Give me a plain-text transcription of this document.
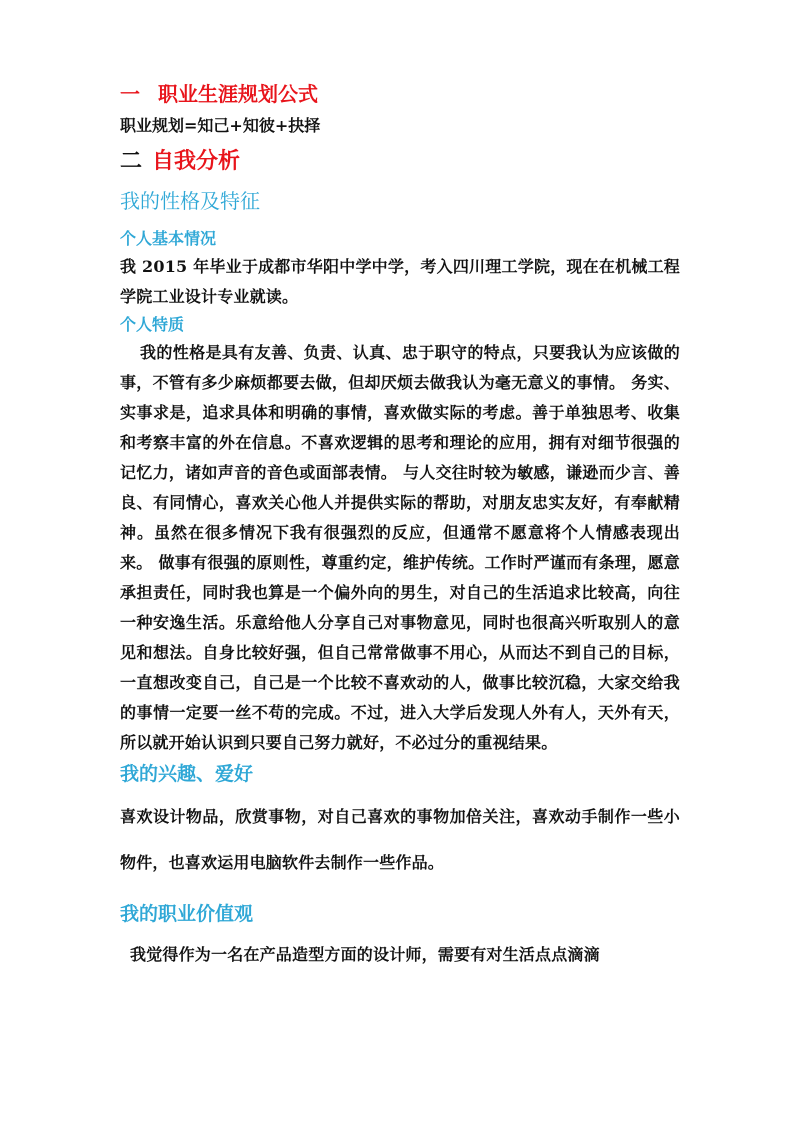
一 职业生涯规划公式

职业规划=知己+知彼+抉择

二 自我分析
我的性格及特征
个人基本情况

我 2015 年毕业于成都市华阳中学中学，考入四川理工学院，现在在机械工程学院工业设计专业就读。

个人特质

我的性格是具有友善、负责、认真、忠于职守的特点，只要我认为应该做的事，不管有多少麻烦都要去做，但却厌烦去做我认为毫无意义的事情。 务实、实事求是，追求具体和明确的事情，喜欢做实际的考虑。善于单独思考、收集和考察丰富的外在信息。不喜欢逻辑的思考和理论的应用，拥有对细节很强的记忆力，诸如声音的音色或面部表情。 与人交往时较为敏感，谦逊而少言、善良、有同情心，喜欢关心他人并提供实际的帮助，对朋友忠实友好，有奉献精神。虽然在很多情况下我有很强烈的反应，但通常不愿意将个人情感表现出来。 做事有很强的原则性，尊重约定，维护传统。工作时严谨而有条理，愿意承担责任，同时我也算是一个偏外向的男生，对自己的生活追求比较高，向往一种安逸生活。乐意给他人分享自己对事物意见，同时也很高兴听取别人的意见和想法。自身比较好强，但自己常常做事不用心，从而达不到自己的目标，一直想改变自己，自己是一个比较不喜欢动的人，做事比较沉稳，大家交给我的事情一定要一丝不苟的完成。不过，进入大学后发现人外有人，天外有天，所以就开始认识到只要自己努力就好，不必过分的重视结果。

我的兴趣、爱好

喜欢设计物品，欣赏事物，对自己喜欢的事物加倍关注，喜欢动手制作一些小物件，也喜欢运用电脑软件去制作一些作品。

我的职业价值观

我觉得作为一名在产品造型方面的设计师，需要有对生活点点滴滴
